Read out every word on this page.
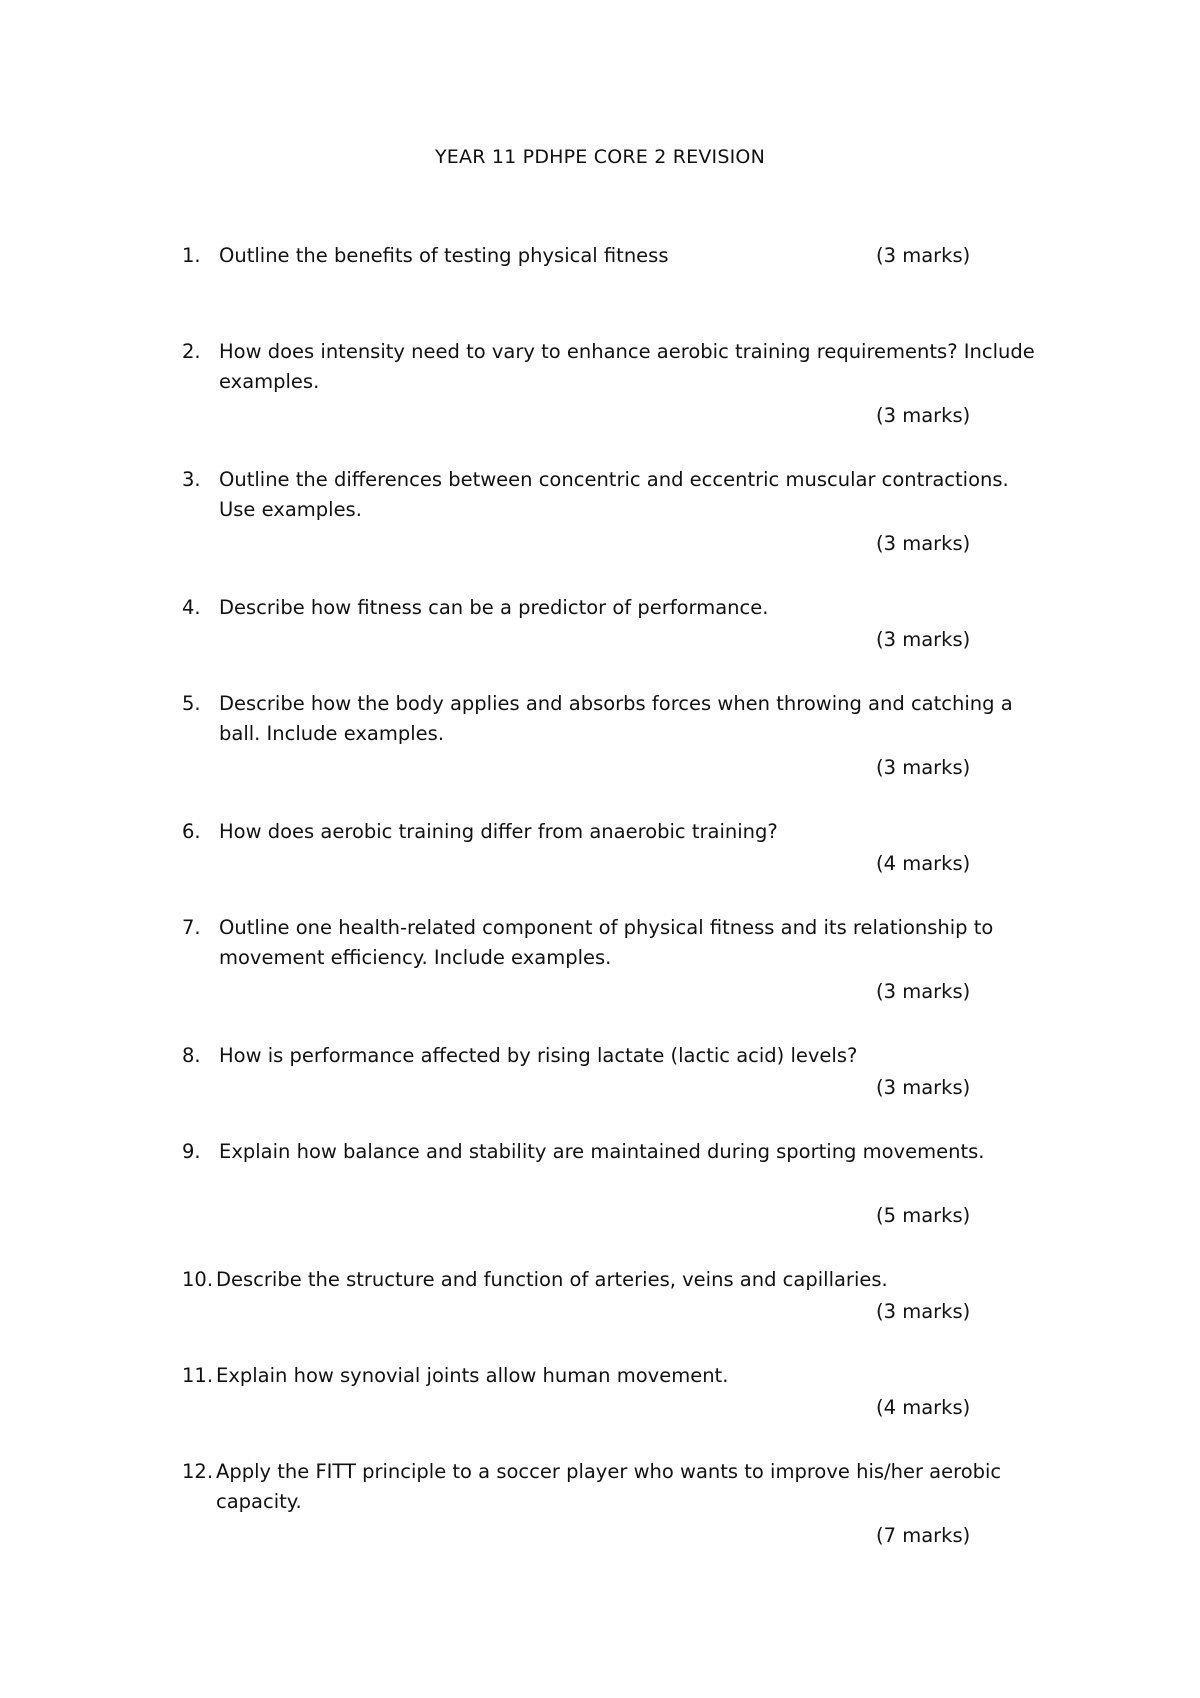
YEAR 11 PDHPE CORE 2 REVISION
1. Outline the benefits of testing physical fitness	(3 marks)
2. How does intensity need to vary to enhance aerobic training requirements? Include
examples.
(3 marks)
3. Outline the differences between concentric and eccentric muscular contractions.
Use examples.
(3 marks)
4. Describe how fitness can be a predictor of performance.
(3 marks)
5. Describe how the body applies and absorbs forces when throwing and catching a
ball. Include examples.
(3 marks)
6. How does aerobic training differ from anaerobic training?
(4 marks)
7. Outline one health-related component of physical fitness and its relationship to
movement efficiency. Include examples.
(3 marks)
8. How is performance affected by rising lactate (lactic acid) levels?
(3 marks)
9. Explain how balance and stability are maintained during sporting movements.
(5 marks)
10. Describe the structure and function of arteries, veins and capillaries.
(3 marks)
11. Explain how synovial joints allow human movement.
(4 marks)
12. Apply the FITT principle to a soccer player who wants to improve his/her aerobic
capacity.
(7 marks)
